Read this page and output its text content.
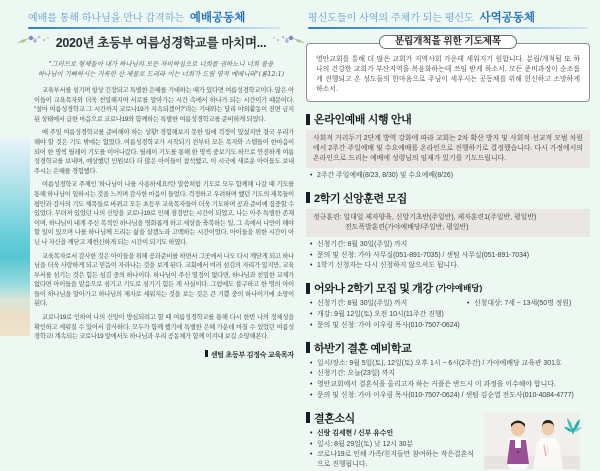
예배를 통해 하나님을 만나 감격하는 예배공동체	평신도들이 사역의 주체가 되는 평신도 사역공동체
2020년 초등부 여름성경학교를 마치며...
"그러므로 형제들아 내가 하나님의 모든 자비하심으로 너희를 권하노니 너희 몸을
하나님이 기뻐하시는 거룩한 산 제물로 드리라 이는 너희가 드릴 영적 예배니라"(롬12:1)

교육부서를 섬기며 항상 긴장되고 특별한 은혜를 기대하는 때가 있다면 여름성경학교이다. 많은 아이들이 교육목자와 더욱 친밀해지며 서로를 알아가는 시간 속에서 하나가 되는 시간이기 때문이다. "설마 여름성경학교 그 시간까지 코로나19가 지속되겠어?"라는 기대와는 달리 야외활동이 전면 금지된 상태에서 급한 마음으로 코로나19와 함께하는 특별한 여름성경학교를 준비하게 되었다.

매 주일 여름성경학교를 준비해야 하는 상황! 경험해보지 못한 일에 걱정이 앞섰지만 결국 우리가 해야 할 것은 기도 밖에는 없었다. 여름성경학교가 시작되기 전부터 모든 목자와 스탭들이 한마음이 되어 한 명씩 릴레이 기도를 이어나갔다. 릴레이 기도를 통해 한 명씩 중보기도 하므로 안전하게 여름성경학교를 보내며, 예상했던 인원보다 더 많은 아이들이 참석했고, 이 시국에 새로운 아이들도 보내주시는 은혜를 경험했다.

여름성경학교 주제인 '하나님이 나를 사용하세요!'란 말씀처럼 기도로 모두 함께해 나갈 때 기도를 통해 하나님이 일하시는 것을 느끼며 감사한 마음이 들었다. 걱정하고 우려하며 했던 기도의 제목들이 평안과 감사의 기도 제목들로 바뀌고 모든 초등부 교육목자들이 더욱 기도하며 공과 준비에 집중할 수 있었다. 무뎌져 있었던 나의 신앙을 코로나19로 인해 점검받는 시간이 되었고, 나는 아주 특별한 존재이며, 하나님이 내게 주신 목적인 하나님을 영화롭게 하고 세상을 축복하는 일, 그 속에서 나만이 해야 할 일이 있으며 나를 하나님께 드리는 삶을 살겠노라 고백하는 시간이었다. 아이들을 위한 시간이 아닌 나 자신을 깨닫고 재헌신하게 되는 시간이 되기도 하였다.

교육목자로서 감사한 것은 아이들을 위해 공과준비를 하면서 그곳에서 나도 다시 깨닫게 되고 하나님을 더욱 사랑하게 되고 믿음이 자라나는 것을 보게 된다. 교회에서 여러 섬김의 자리가 있지만, 교육부서를 섬기는 것은 힘든 섬김 중의 하나이다. 하나님이 주신 열정이 없다면, 하나님과 친밀한 교제가 없다면 아이들을 맡음으로 섬기고 기도로 섬기기 힘든 게 사실이다. 그럼에도 불구하고 한 명의 아이들이 하나님을 알아가고 하나님의 제자로 세워지는 것을 보는 것은 큰 기쁨 중의 하나이기에 소망이 된다.

코로나19로 인하여 나의 신앙이 방심되려고 할 때 여름성경학교를 통해 다시 한번 나의 정체성을 확인하고 세워질 수 있어서 감사하다. 모두가 함께 했기에 특별한 은혜 가운데 마칠 수 있었던 여름성경학교! 계속되는 코로나19 앞에서도 하나님과 우리 공동체가 함께 이겨내 보길 소망해본다.

센텀 초등부 김정숙 교육목자
분립개척을 위한 기도제목
영안교회를 통해 더 많은 교회가 지역사회 가운데 세워지기 원합니다. 분립/개척될 또 하나의 건강한 교회가 부산지역을 복음화하는데 쓰임 받게 하소서. 모든 준비과정이 순조롭게 진행되고 온 성도들의 한마음으로 주님이 세우시는 공동체를 위해 헌신하고 소망하게 하소서.
온라인예배 시행 안내
사회적 거리두기 2단계 방역 강화에 따라 교회는 2차 확산 방지 및 사회적·선교적 모범 차원에서 2주간 주일예배 및 수요예배를 온라인으로 진행하기로 결정했습니다. 다시 가정에서의 온라인으로 드리는 예배에 성령님의 임재가 있기를 기도드립니다.
• 2주간 주일예배(8/23, 8/30) 및 수요예배(8/26)
2학기 신앙훈련 모집
정규훈련: 일대일 제자양육, 신앙기초반(주일반), 제자훈련1(주일반, 평일반)
전도폭발훈련(가야예배당/주일반, 평일반)
• 신청기간: 8월 30일(주일) 까지
• 문의 및 신청: 가야 사무실(051-891-7035) / 센텀 사무실(051-891-7034)
• 1학기 신청자는 다시 신청하지 않으셔도 됩니다.
어와나 2학기 모집 및 개강 (가야예배당)
• 신청기간: 8월 30일(주일) 까지	• 신청대상: 7세 ~ 13세(50명 정원)
• 개강: 9월 12일(토) 오전 10시(11주간 진행)
• 문의 및 신청: 가야 이우림 목사(010-7507-0624)
하반기 결혼 예비학교
• 일시/장소: 9월 5일(토), 12일(토) 오후 1시 ~ 6시(2주간) / 가야예배당 교육관 301호
• 신청기간: 오늘(23일) 까지
• 영안교회에서 결혼식을 올리고자 하는 커플은 반드시 이 과정을 이수해야 합니다.
• 문의 및 신청: 가야 이우림 목사(010-7507-0624) / 센텀 김순열 전도사(010-4084-4777)
결혼소식
• 신랑 김세현 / 신부 유수인
• 일시: 8월 29일(토) 낮 12시 30분
• 코로나19로 인해 가족/친지들만 참여하는 작은결혼식으로 진행됩니다.
